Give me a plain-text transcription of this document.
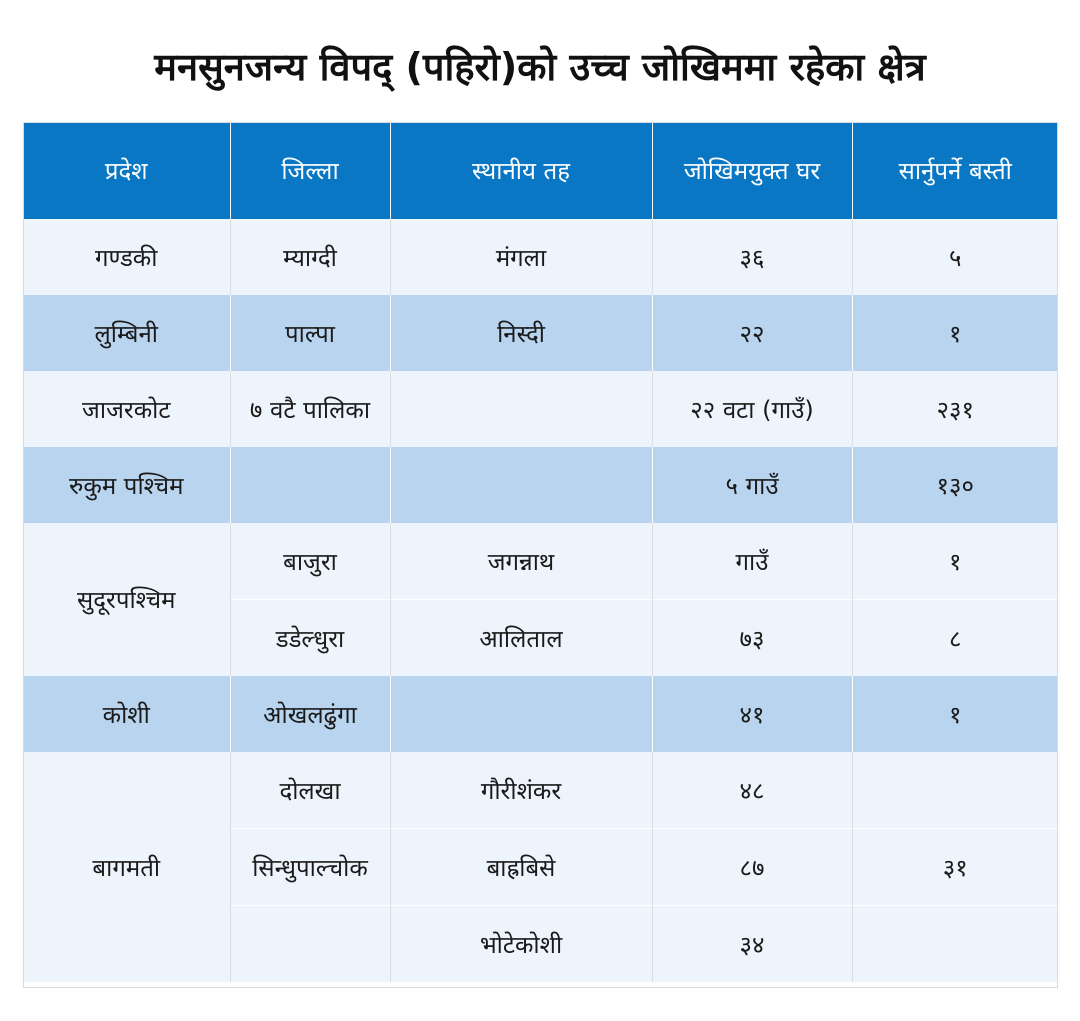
मनसुनजन्य विपद् (पहिरो)को उच्च जोखिममा रहेका क्षेत्र
प्रदेश	जिल्ला	स्थानीय तह	जोखिमयुक्त घर	सार्नुपर्ने बस्ती
गण्डकी	म्याग्दी	मंगला	३६	५
लुम्बिनी	पाल्पा	निस्दी	२२	१
जाजरकोट	७ वटै पालिका		२२ वटा (गाउँ)	२३१
रुकुम पश्चिम			५ गाउँ	१३०
सुदूरपश्चिम	बाजुरा	जगन्नाथ	गाउँ	१
	डडेल्धुरा	आलिताल	७३	८
कोशी	ओखलढुंगा		४१	१
बागमती	दोलखा	गौरीशंकर	४८	
	सिन्धुपाल्चोक	बाह्रबिसे	८७	३१
		भोटेकोशी	३४	
